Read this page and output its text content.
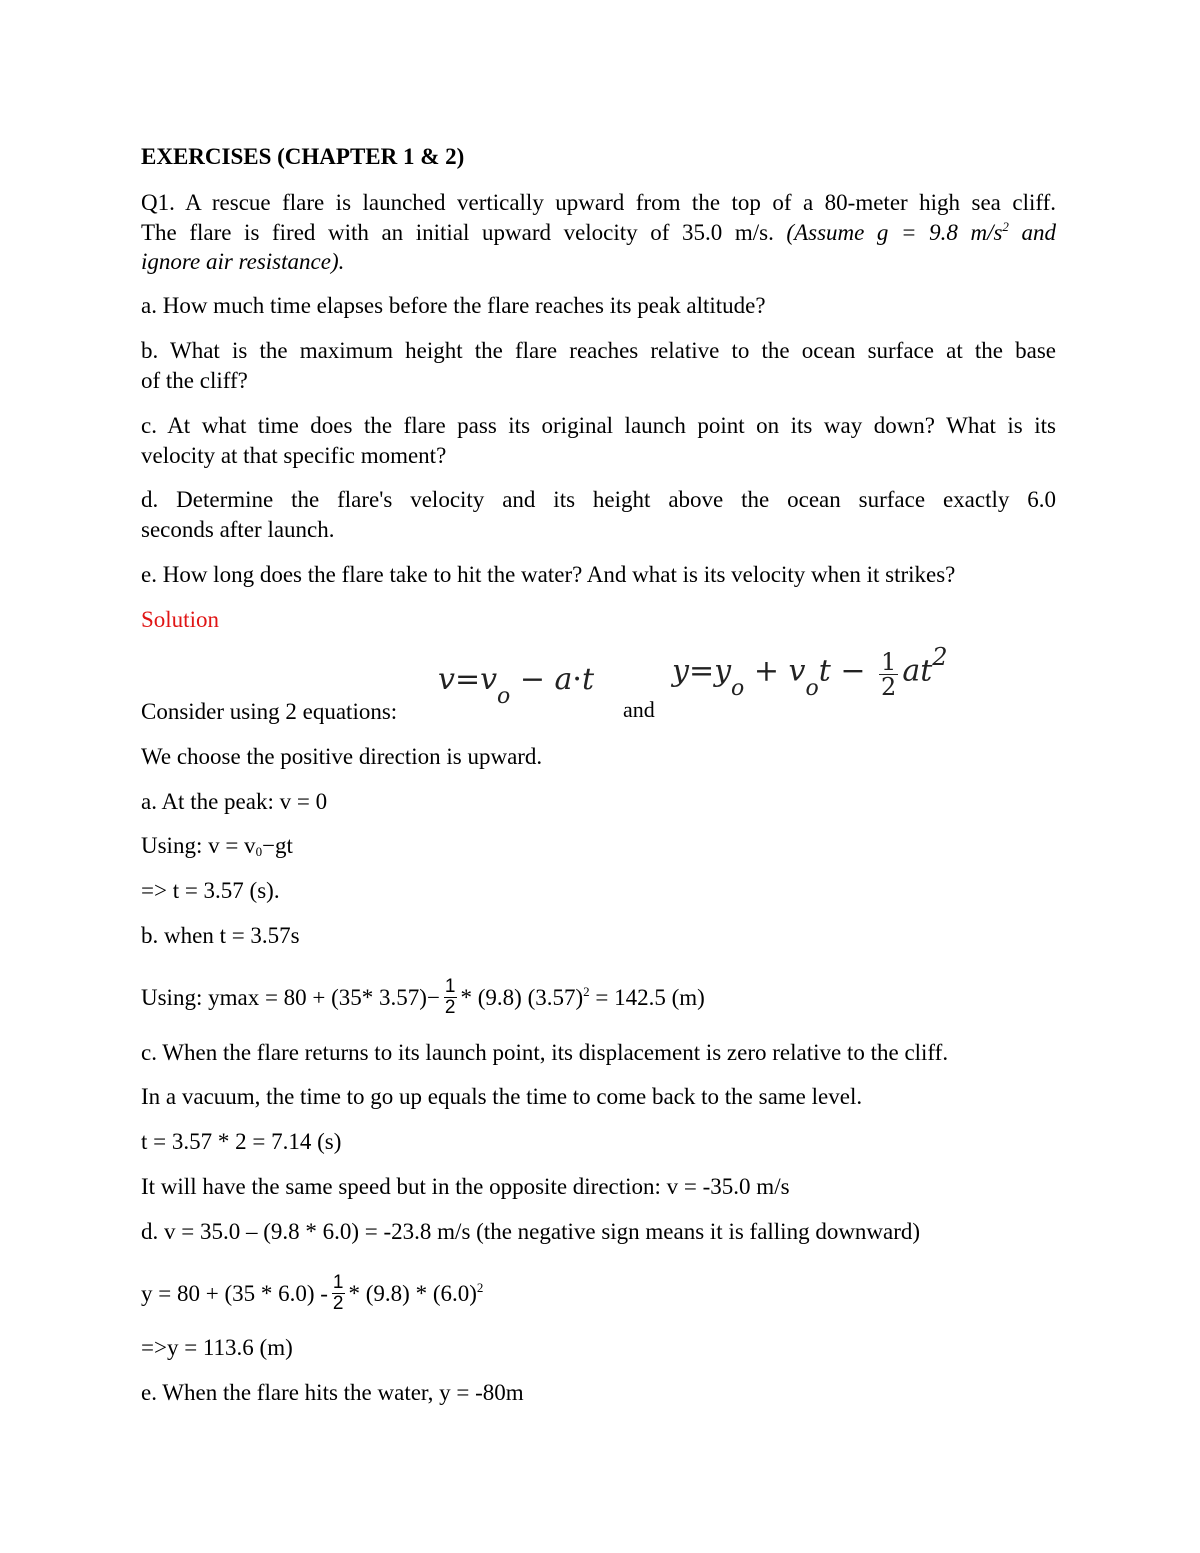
EXERCISES (CHAPTER 1 & 2)
Q1. A rescue flare is launched vertically upward from the top of a 80-meter high sea cliff.
The flare is fired with an initial upward velocity of 35.0 m/s. (Assume g = 9.8 $m/s^2$ and
ignore air resistance).
a. How much time elapses before the flare reaches its peak altitude?
b. What is the maximum height the flare reaches relative to the ocean surface at the base
of the cliff?
c. At what time does the flare pass its original launch point on its way down? What is its
velocity at that specific moment?
d. Determine the flare's velocity and its height above the ocean surface exactly 6.0
seconds after launch.
e. How long does the flare take to hit the water? And what is its velocity when it strikes?
Solution
Consider using 2 equations:
$v=v_o - a\cdot t$
and
$y=y_o + v_ot - \frac{1}{2} at^2$
We choose the positive direction is upward.
a. At the peak: v = 0
Using: $v = v_0-gt$
=> t = 3.57 (s).
b. when t = 3.57s
Using: ymax = 80 + (35* $3.57)- \frac{1}{2} * (9.8) (3.57)^2 = 142.5$ (m)
c. When the flare returns to its launch point, its displacement is zero relative to the cliff.
In a vacuum, the time to go up equals the time to come back to the same level.
t = 3.57 * 2 = 7.14 (s)
It will have the same speed but in the opposite direction: v = -35.0 m/s
d. v = 35.0 – (9.8 * 6.0) = -23.8 m/s (the negative sign means it is falling downward)
$y = 80 + (35 * 6.0) - \frac{1}{2} * (9.8) * (6.0)^2$
=>y = 113.6 (m)
e. When the flare hits the water, y = -80m
